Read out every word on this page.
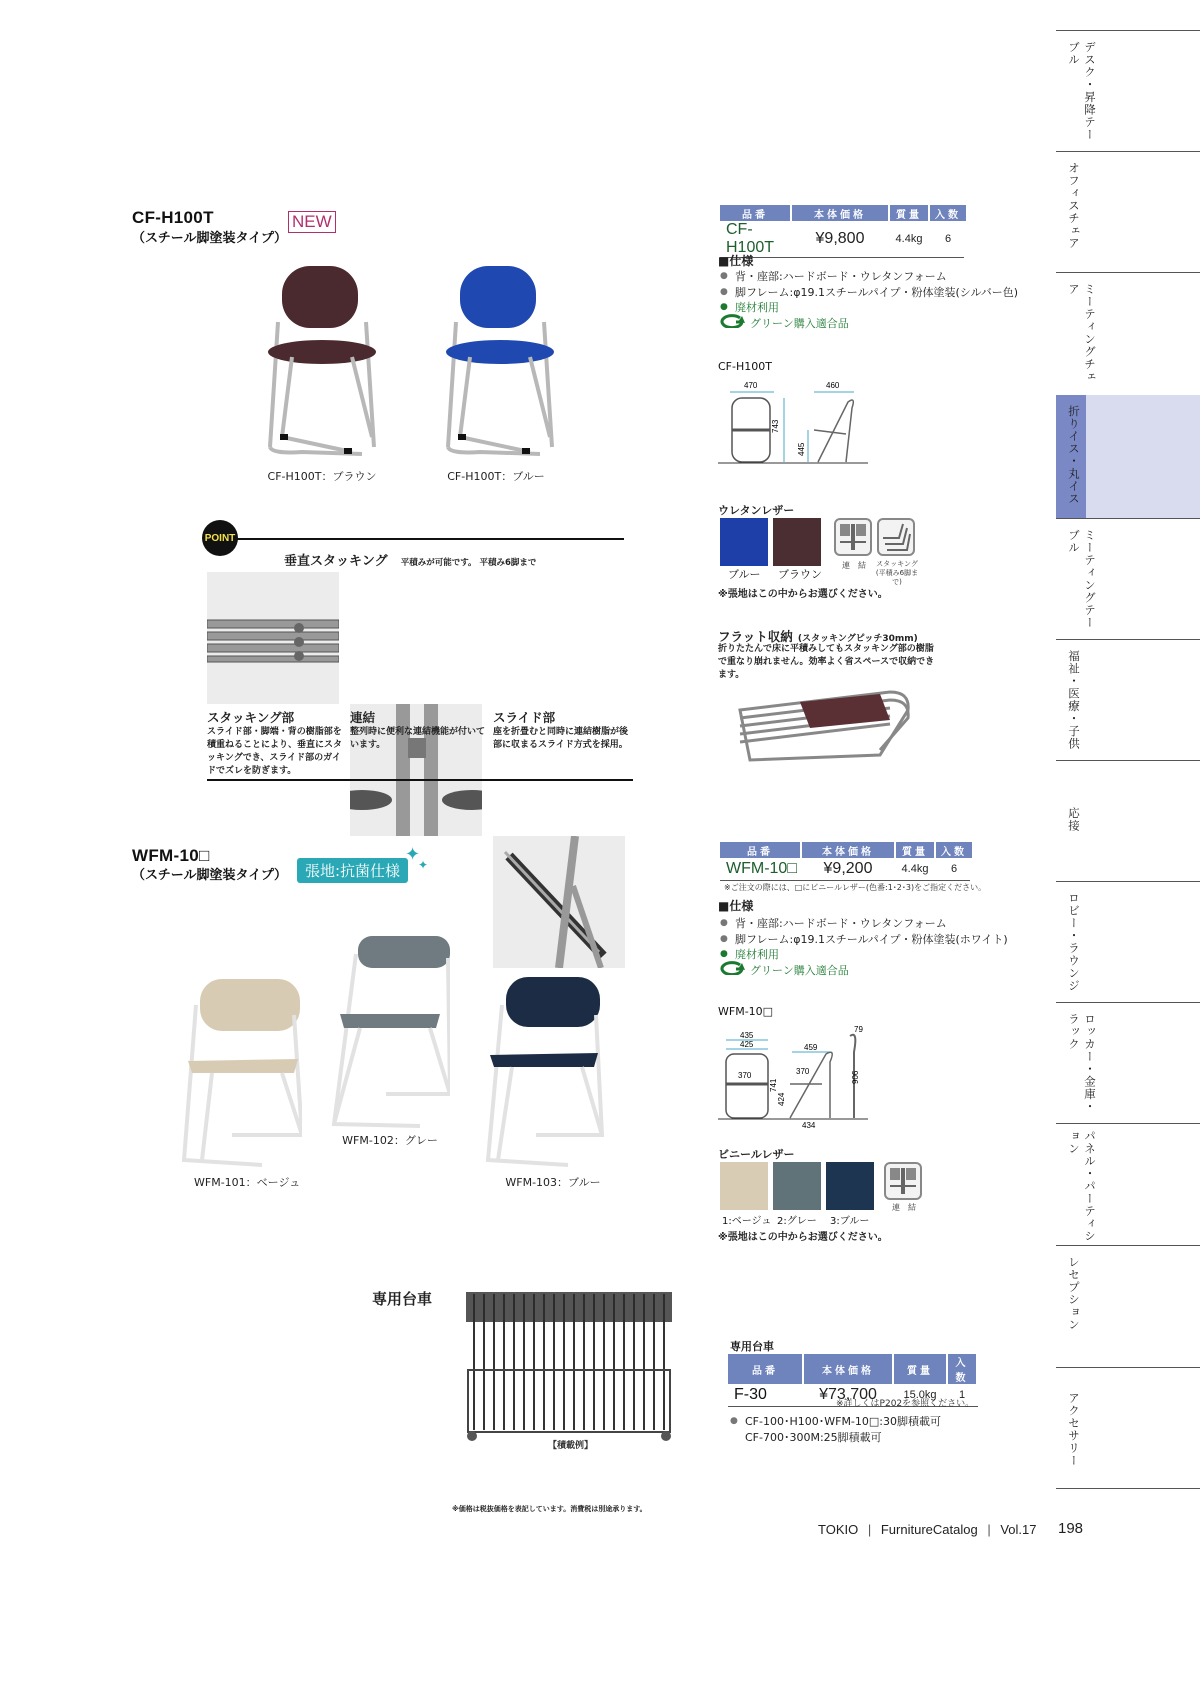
CF-H100T
（スチール脚塗装タイプ）
NEW
CF-H100T：ブラウン	CF-H100T：ブルー
品番	本体価格	質量	入数
CF-H100T	¥9,800	4.4kg	6
■仕様
● 背・座部:ハードボード・ウレタンフォーム
● 脚フレーム:φ19.1スチールパイプ・粉体塗装(シルバー色)
● 廃材利用
グリーン購入適合品
CF-H100T
470
743
460
445
ウレタンレザー
ブルー ブラウン
連　結	スタッキング
(平積み6脚まで)
※張地はこの中からお選びください。
フラット収納 (スタッキングピッチ30mm)
折りたたんで床に平積みしてもスタッキング部の樹脂で重なり崩れません。効率よく省スペースで収納できます。
POINT
垂直スタッキング 平積みが可能です。 平積み6脚まで
スタッキング部
スライド部・脚端・背の樹脂部を積重ねることにより、垂直にスタッキングでき、スライド部のガイドでズレを防ぎます。
連結
整列時に便利な連結機能が付いています。
スライド部
座を折畳むと同時に連結樹脂が後部に収まるスライド方式を採用。
WFM-10□
（スチール脚塗装タイプ）	張地:抗菌仕様
✦
✦
WFM-102：グレー
WFM-101：ベージュ	WFM-103：ブルー
品番	本体価格	質量	入数
WFM-10□	¥9,200	4.4kg	6
※ご注文の際には、□にビニールレザー(色番:1･2･3)をご指定ください。
■仕様
● 背・座部:ハードボード・ウレタンフォーム
● 脚フレーム:φ19.1スチールパイプ・粉体塗装(ホワイト)
● 廃材利用
グリーン購入適合品
WFM-10□
435
425
370
741
424
459
370
434
79
906
ビニールレザー
連　結
1:ベージュ 2:グレー 3:ブルー
※張地はこの中からお選びください。
専用台車
【積載例】
専用台車
品番	本体価格	質量	入数
F-30	¥73,700	15.0kg	1
※詳しくはP202を参照ください。
● CF-100･H100･WFM-10□:30脚積載可
CF-700･300M:25脚積載可
デスク・昇降テーブル
オフィスチェア
ミーティングチェア
折りイス・丸イス
ミーティングテーブル
福祉・医療・子供
応接
ロビー・ラウンジ
ロッカー・金庫・ラック
パネル・パーティション
レセプション
アクセサリー
※価格は税抜価格を表記しています。消費税は別途承ります。
TOKIO | FurnitureCatalog | Vol.17 198
